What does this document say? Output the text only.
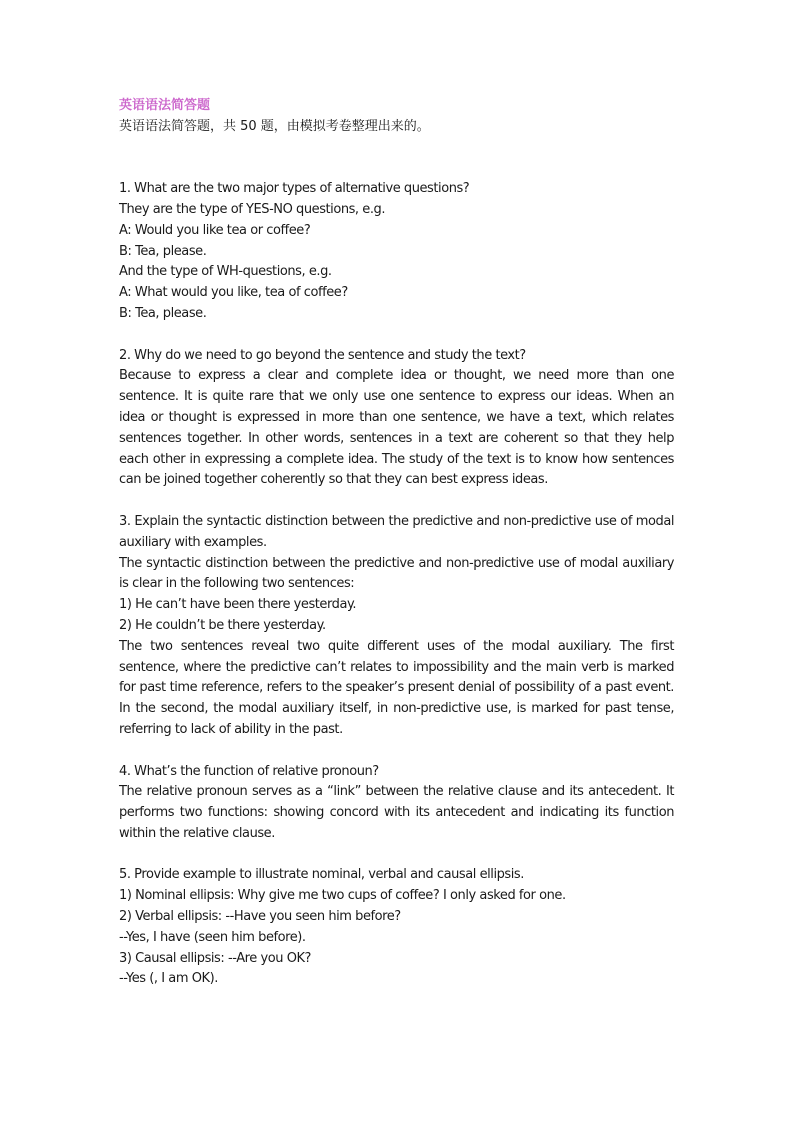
英语语法简答题
英语语法简答题，共 50 题，由模拟考卷整理出来的。
1. What are the two major types of alternative questions?
They are the type of YES-NO questions, e.g.
A: Would you like tea or coffee?
B: Tea, please.
And the type of WH-questions, e.g.
A: What would you like, tea of coffee?
B: Tea, please.
2. Why do we need to go beyond the sentence and study the text?
Because to express a clear and complete idea or thought, we need more than one sentence. It is quite rare that we only use one sentence to express our ideas. When an idea or thought is expressed in more than one sentence, we have a text, which relates sentences together. In other words, sentences in a text are coherent so that they help each other in expressing a complete idea. The study of the text is to know how sentences can be joined together coherently so that they can best express ideas.
3. Explain the syntactic distinction between the predictive and non-predictive use of modal auxiliary with examples.
The syntactic distinction between the predictive and non-predictive use of modal auxiliary is clear in the following two sentences:
1) He can’t have been there yesterday.
2) He couldn’t be there yesterday.
The two sentences reveal two quite different uses of the modal auxiliary. The first sentence, where the predictive can’t relates to impossibility and the main verb is marked for past time reference, refers to the speaker’s present denial of possibility of a past event. In the second, the modal auxiliary itself, in non-predictive use, is marked for past tense, referring to lack of ability in the past.
4. What’s the function of relative pronoun?
The relative pronoun serves as a “link” between the relative clause and its antecedent. It performs two functions: showing concord with its antecedent and indicating its function within the relative clause.
5. Provide example to illustrate nominal, verbal and causal ellipsis.
1) Nominal ellipsis: Why give me two cups of coffee? I only asked for one.
2) Verbal ellipsis: --Have you seen him before?
--Yes, I have (seen him before).
3) Causal ellipsis: --Are you OK?
--Yes (, I am OK).
